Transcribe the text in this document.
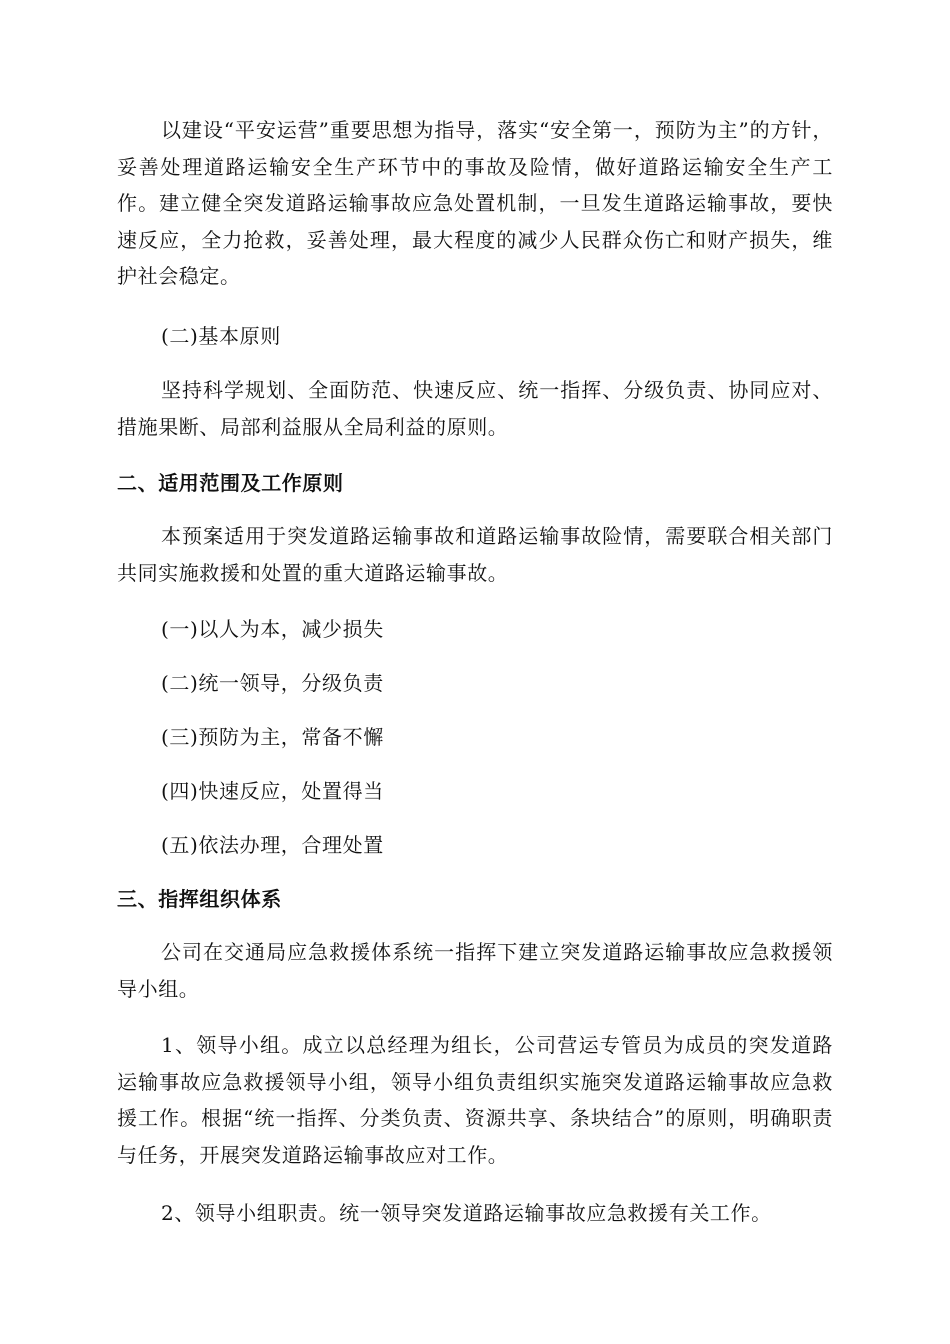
以建设“平安运营”重要思想为指导，落实“安全第一，预防为主”的方针，妥善处理道路运输安全生产环节中的事故及险情，做好道路运输安全生产工作。建立健全突发道路运输事故应急处置机制，一旦发生道路运输事故，要快速反应，全力抢救，妥善处理，最大程度的减少人民群众伤亡和财产损失，维护社会稳定。

(二)基本原则

坚持科学规划、全面防范、快速反应、统一指挥、分级负责、协同应对、措施果断、局部利益服从全局利益的原则。

二、适用范围及工作原则

本预案适用于突发道路运输事故和道路运输事故险情，需要联合相关部门共同实施救援和处置的重大道路运输事故。

(一)以人为本，减少损失

(二)统一领导，分级负责

(三)预防为主，常备不懈

(四)快速反应，处置得当

(五)依法办理，合理处置

三、指挥组织体系

公司在交通局应急救援体系统一指挥下建立突发道路运输事故应急救援领导小组。

1、领导小组。成立以总经理为组长，公司营运专管员为成员的突发道路运输事故应急救援领导小组，领导小组负责组织实施突发道路运输事故应急救援工作。根据“统一指挥、分类负责、资源共享、条块结合”的原则，明确职责与任务，开展突发道路运输事故应对工作。

2、领导小组职责。统一领导突发道路运输事故应急救援有关工作。
